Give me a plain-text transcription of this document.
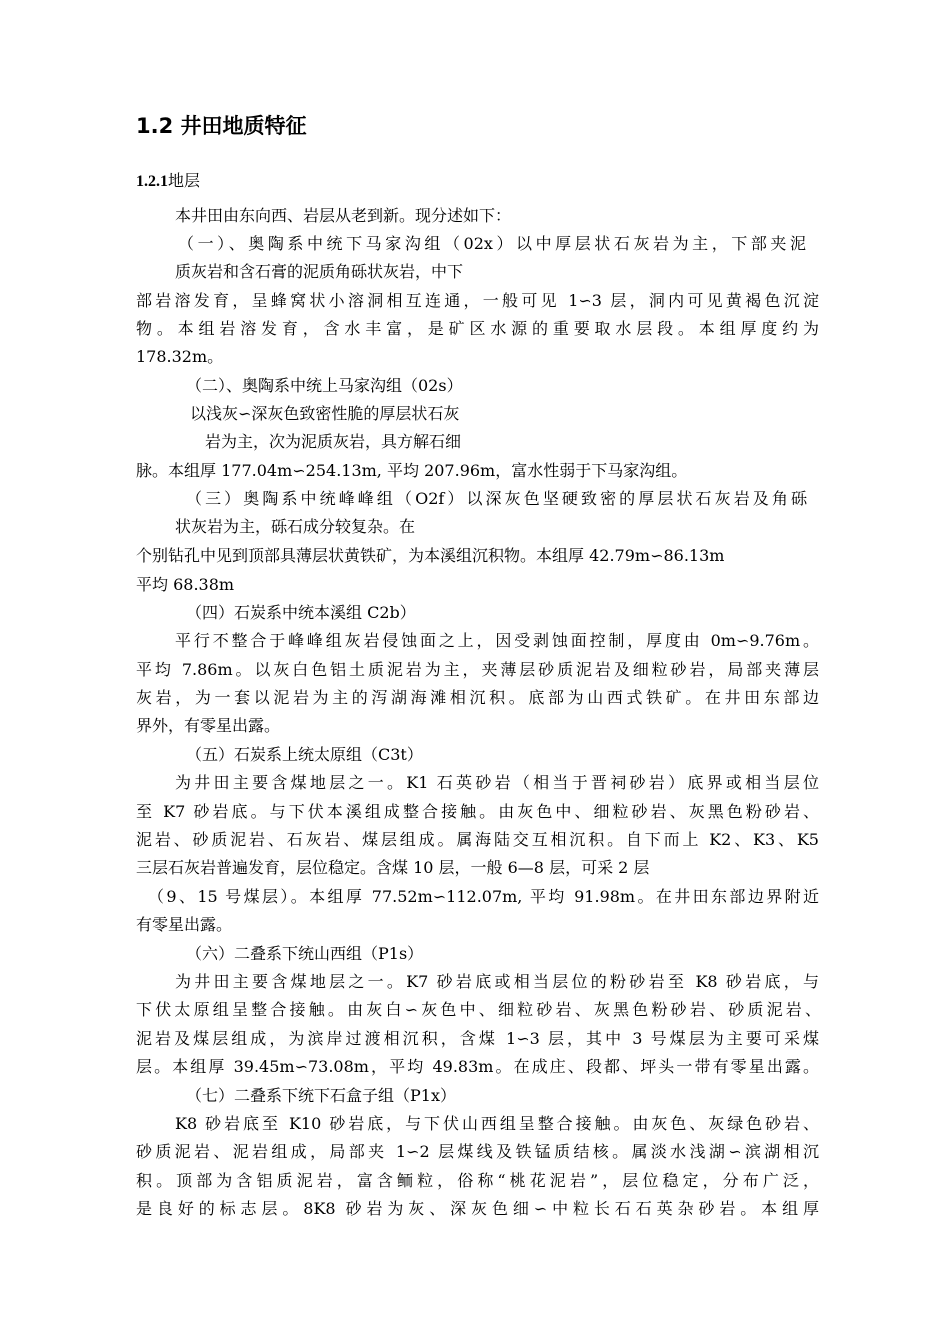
1.2 井田地质特征
1.2.1地层
本井田由东向西、岩层从老到新。现分述如下：
（一）、奥陶系中统下马家沟组（02x）以中厚层状石灰岩为主，下部夹泥
质灰岩和含石膏的泥质角砾状灰岩，中下
部岩溶发育，呈蜂窝状小溶洞相互连通，一般可见 1∽3 层，洞内可见黄褐色沉淀
物。本组岩溶发育，含水丰富，是矿区水源的重要取水层段。本组厚度约为
178.32m。
（二）、奥陶系中统上马家沟组（02s）
以浅灰∽深灰色致密性脆的厚层状石灰
岩为主，次为泥质灰岩，具方解石细
脉。本组厚 177.04m∽254.13m, 平均 207.96m，富水性弱于下马家沟组。
（三）奥陶系中统峰峰组（O2f）以深灰色坚硬致密的厚层状石灰岩及角砾
状灰岩为主，砾石成分较复杂。在
个别钻孔中见到顶部具薄层状黄铁矿，为本溪组沉积物。本组厚 42.79m∽86.13m
平均 68.38m
（四）石炭系中统本溪组 C2b）
平行不整合于峰峰组灰岩侵蚀面之上，因受剥蚀面控制，厚度由 0m∽9.76m。
平均 7.86m。以灰白色铝土质泥岩为主，夹薄层砂质泥岩及细粒砂岩，局部夹薄层
灰岩，为一套以泥岩为主的泻湖海滩相沉积。底部为山西式铁矿。在井田东部边
界外，有零星出露。
（五）石炭系上统太原组（C3t）
为井田主要含煤地层之一。K1 石英砂岩（相当于晋祠砂岩）底界或相当层位
至 K7 砂岩底。与下伏本溪组成整合接触。由灰色中、细粒砂岩、灰黑色粉砂岩、
泥岩、砂质泥岩、石灰岩、煤层组成。属海陆交互相沉积。自下而上 K2、K3、K5
三层石灰岩普遍发育，层位稳定。含煤 10 层，一般 6—8 层，可采 2 层
（9、15 号煤层）。本组厚 77.52m∽112.07m, 平均 91.98m。在井田东部边界附近
有零星出露。
（六）二叠系下统山西组（P1s）
为井田主要含煤地层之一。K7 砂岩底或相当层位的粉砂岩至 K8 砂岩底，与
下伏太原组呈整合接触。由灰白∽灰色中、细粒砂岩、灰黑色粉砂岩、砂质泥岩、
泥岩及煤层组成，为滨岸过渡相沉积，含煤 1∽3 层，其中 3 号煤层为主要可采煤
层。本组厚 39.45m∽73.08m，平均 49.83m。在成庄、段都、坪头一带有零星出露。
（七）二叠系下统下石盒子组（P1x）
K8 砂岩底至 K10 砂岩底，与下伏山西组呈整合接触。由灰色、灰绿色砂岩、
砂质泥岩、泥岩组成，局部夹 1∽2 层煤线及铁锰质结核。属淡水浅湖∽滨湖相沉
积。顶部为含铝质泥岩，富含鲕粒，俗称“桃花泥岩”，层位稳定，分布广泛，
是良好的标志层。8K8 砂岩为灰、深灰色细∽中粒长石石英杂砂岩。本组厚
